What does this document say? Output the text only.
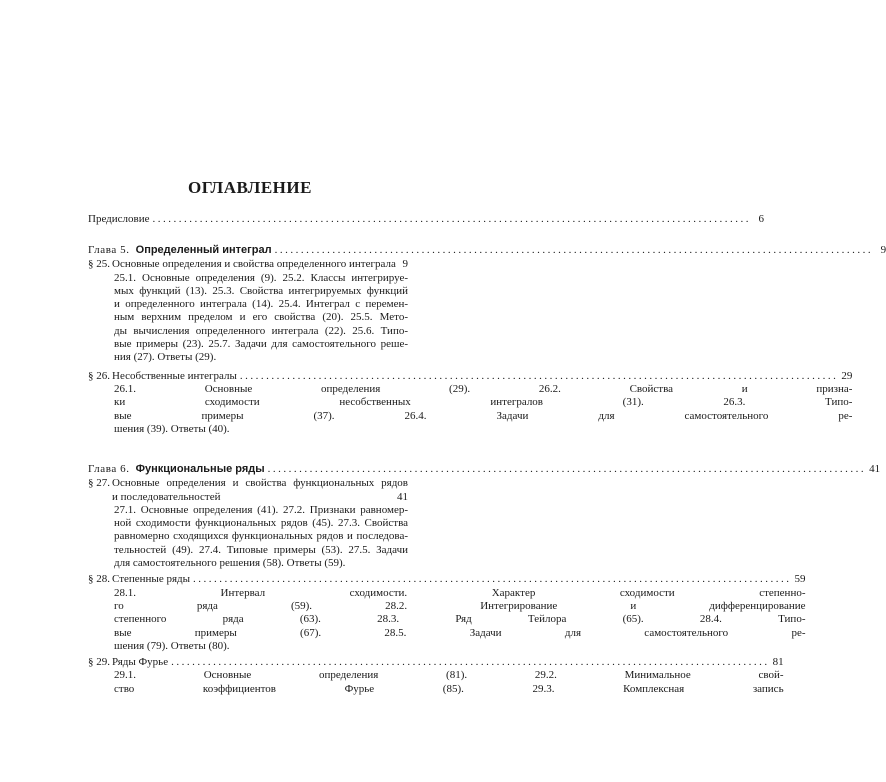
ОГЛАВЛЕНИЕ
Предисловие .....	6
Глава 5. Определенный интеграл .....	9
§ 25. Основные определения и свойства определенного интеграла 9
25.1. Основные определения (9). 25.2. Классы интегрируе-
мых функций (13). 25.3. Свойства интегрируемых функций
и определенного интеграла (14). 25.4. Интеграл с перемен-
ным верхним пределом и его свойства (20). 25.5. Мето-
ды вычисления определенного интеграла (22). 25.6. Типо-
вые примеры (23). 25.7. Задачи для самостоятельного реше-
ния (27). Ответы (29).
§ 26. Несобственные интегралы .....	29
26.1. Основные определения (29). 26.2. Свойства и призна-
ки сходимости несобственных интегралов (31). 26.3. Типо-
вые примеры (37). 26.4. Задачи для самостоятельного ре-
шения (39). Ответы (40).
Глава 6. Функциональные ряды .....	41
§ 27. Основные определения и свойства функциональных рядов
и последовательностей	41
27.1. Основные определения (41). 27.2. Признаки равномер-
ной сходимости функциональных рядов (45). 27.3. Свойства
равномерно сходящихся функциональных рядов и последова-
тельностей (49). 27.4. Типовые примеры (53). 27.5. Задачи
для самостоятельного решения (58). Ответы (59).
§ 28. Степенные ряды .....	59
28.1. Интервал сходимости. Характер сходимости степенно-
го ряда (59). 28.2. Интегрирование и дифференцирование
степенного ряда (63). 28.3. Ряд Тейлора (65). 28.4. Типо-
вые примеры (67). 28.5. Задачи для самостоятельного ре-
шения (79). Ответы (80).
§ 29. Ряды Фурье .....	81
29.1. Основные определения (81). 29.2. Минимальное свой-
ство коэффициентов Фурье (85). 29.3. Комплексная запись
